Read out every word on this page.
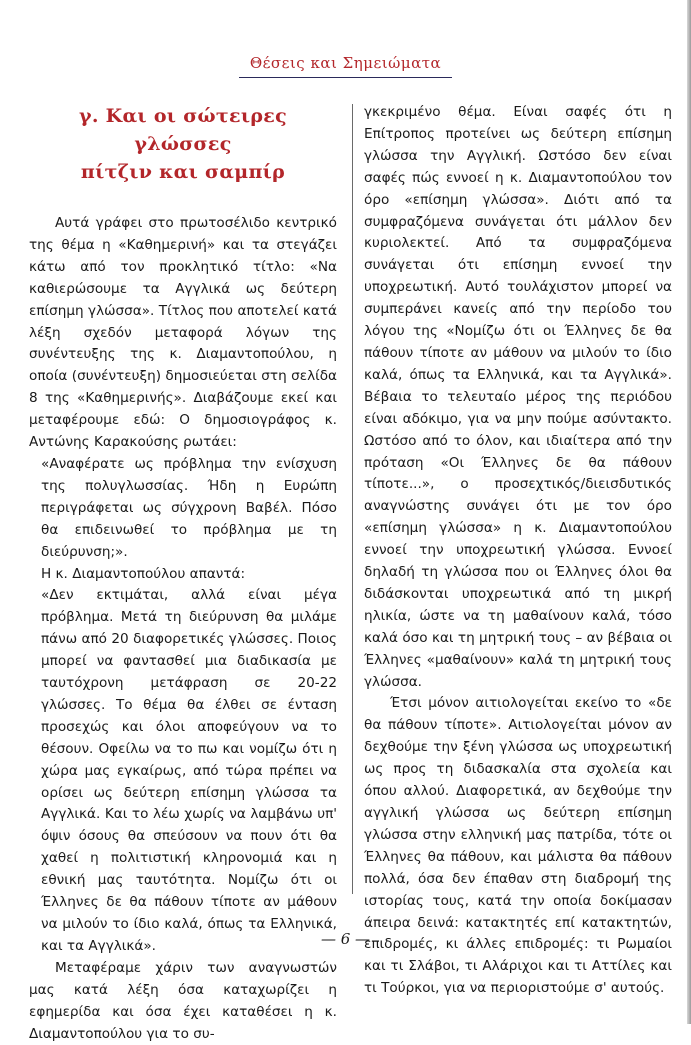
Θέσεις και Σημειώματα
γ. Και οι σώτειρες γλώσσες
πίτζιν και σαμπίρ

Αυτά γράφει στο πρωτοσέλιδο κεντρικό της θέμα η «Καθημερινή» και τα στεγάζει κάτω από τον προκλητικό τίτλο: «Να καθιερώσουμε τα Αγγλικά ως δεύτερη επίσημη γλώσσα». Τίτλος που αποτελεί κατά λέξη σχεδόν μεταφορά λόγων της συνέντευξης της κ. Διαμαντοπούλου, η οποία (συνέντευξη) δημοσιεύεται στη σελίδα 8 της «Καθημερινής». Διαβάζουμε εκεί και μεταφέρουμε εδώ: Ο δημοσιογράφος κ. Αντώνης Καρακούσης ρωτάει:

«Αναφέρατε ως πρόβλημα την ενίσχυση της πολυγλωσσίας. Ήδη η Ευρώπη περιγράφεται ως σύγχρονη Βαβέλ. Πόσο θα επιδεινωθεί το πρόβλημα με τη διεύρυνση;».

Η κ. Διαμαντοπούλου απαντά:

«Δεν εκτιμάται, αλλά είναι μέγα πρόβλημα. Μετά τη διεύρυνση θα μιλάμε πάνω από 20 διαφορετικές γλώσσες. Ποιος μπορεί να φαντασθεί μια διαδικασία με ταυτόχρονη μετάφραση σε 20-22 γλώσσες. Το θέμα θα έλθει σε ένταση προσεχώς και όλοι αποφεύγουν να το θέσουν. Οφείλω να το πω και νομίζω ότι η χώρα μας εγκαίρως, από τώρα πρέπει να ορίσει ως δεύτερη επίσημη γλώσσα τα Αγγλικά. Και το λέω χωρίς να λαμβάνω υπ' όψιν όσους θα σπεύσουν να πουν ότι θα χαθεί η πολιτιστική κληρονομιά και η εθνική μας ταυτότητα. Νομίζω ότι οι Έλληνες δε θα πάθουν τίποτε αν μάθουν να μιλούν το ίδιο καλά, όπως τα Ελληνικά, και τα Αγγλικά».

Μεταφέραμε χάριν των αναγνωστών μας κατά λέξη όσα καταχωρίζει η εφημερίδα και όσα έχει καταθέσει η κ. Διαμαντοπούλου για το συ-

γκεκριμένο θέμα. Είναι σαφές ότι η Επίτροπος προτείνει ως δεύτερη επίσημη γλώσσα την Αγγλική. Ωστόσο δεν είναι σαφές πώς εννοεί η κ. Διαμαντοπούλου τον όρο «επίσημη γλώσσα». Διότι από τα συμφραζόμενα συνάγεται ότι μάλλον δεν κυριολεκτεί. Από τα συμφραζόμενα συνάγεται ότι επίσημη εννοεί την υποχρεωτική. Αυτό τουλάχιστον μπορεί να συμπεράνει κανείς από την περίοδο του λόγου της «Νομίζω ότι οι Έλληνες δε θα πάθουν τίποτε αν μάθουν να μιλούν το ίδιο καλά, όπως τα Ελληνικά, και τα Αγγλικά». Βέβαια το τελευταίο μέρος της περιόδου είναι αδόκιμο, για να μην πούμε ασύντακτο. Ωστόσο από το όλον, και ιδιαίτερα από την πρόταση «Οι Έλληνες δε θα πάθουν τίποτε...», ο προσεχτικός/διεισδυτικός αναγνώστης συνάγει ότι με τον όρο «επίσημη γλώσσα» η κ. Διαμαντοπούλου εννοεί την υποχρεωτική γλώσσα. Εννοεί δηλαδή τη γλώσσα που οι Έλληνες όλοι θα διδάσκονται υποχρεωτικά από τη μικρή ηλικία, ώστε να τη μαθαίνουν καλά, τόσο καλά όσο και τη μητρική τους – αν βέβαια οι Έλληνες «μαθαίνουν» καλά τη μητρική τους γλώσσα.

Έτσι μόνον αιτιολογείται εκείνο το «δε θα πάθουν τίποτε». Αιτιολογείται μόνον αν δεχθούμε την ξένη γλώσσα ως υποχρεωτική ως προς τη διδασκαλία στα σχολεία και όπου αλλού. Διαφορετικά, αν δεχθούμε την αγγλική γλώσσα ως δεύτερη επίσημη γλώσσα στην ελληνική μας πατρίδα, τότε οι Έλληνες θα πάθουν, και μάλιστα θα πάθουν πολλά, όσα δεν έπαθαν στη διαδρομή της ιστορίας τους, κατά την οποία δοκίμασαν άπειρα δεινά: κατακτητές επί κατακτητών, επιδρομές, κι άλλες επιδρομές: τι Ρωμαίοι και τι Σλάβοι, τι Αλάριχοι και τι Αττίλες και τι Τούρκοι, για να περιοριστούμε σ' αυτούς.

— 6 —
